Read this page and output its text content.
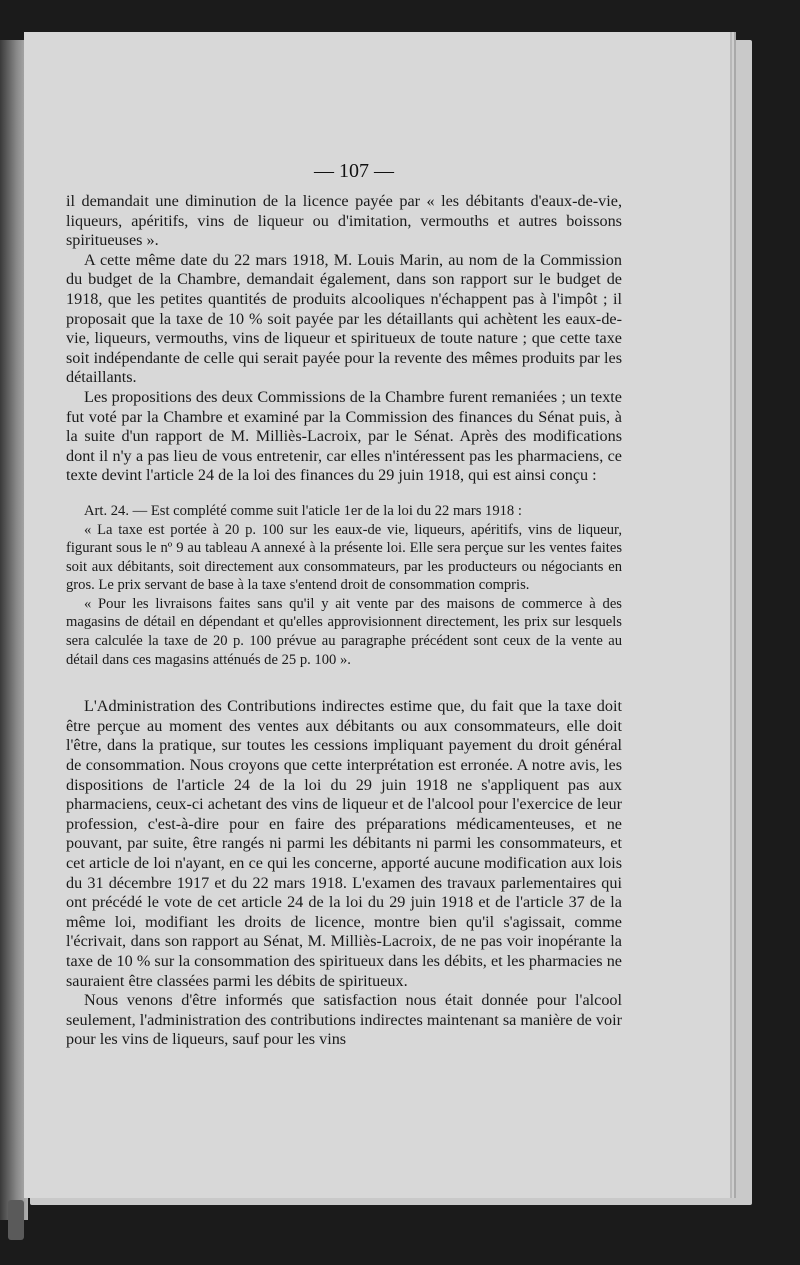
— 107 —

il demandait une diminution de la licence payée par « les débitants d'eaux-de-vie, liqueurs, apéritifs, vins de liqueur ou d'imitation, vermouths et autres boissons spiritueuses ».

A cette même date du 22 mars 1918, M. Louis Marin, au nom de la Commission du budget de la Chambre, demandait également, dans son rapport sur le budget de 1918, que les petites quantités de produits alcooliques n'échappent pas à l'impôt ; il proposait que la taxe de 10 % soit payée par les détaillants qui achètent les eaux-de-vie, liqueurs, vermouths, vins de liqueur et spiritueux de toute nature ; que cette taxe soit indépendante de celle qui serait payée pour la revente des mêmes produits par les détaillants.

Les propositions des deux Commissions de la Chambre furent remaniées ; un texte fut voté par la Chambre et examiné par la Commission des finances du Sénat puis, à la suite d'un rapport de M. Milliès-Lacroix, par le Sénat. Après des modifications dont il n'y a pas lieu de vous entretenir, car elles n'intéressent pas les pharmaciens, ce texte devint l'article 24 de la loi des finances du 29 juin 1918, qui est ainsi conçu :

Art. 24. — Est complété comme suit l'aticle 1er de la loi du 22 mars 1918 :

« La taxe est portée à 20 p. 100 sur les eaux-de vie, liqueurs, apéritifs, vins de liqueur, figurant sous le nº 9 au tableau A annexé à la présente loi. Elle sera perçue sur les ventes faites soit aux débitants, soit directement aux consommateurs, par les producteurs ou négociants en gros. Le prix servant de base à la taxe s'entend droit de consommation compris.

« Pour les livraisons faites sans qu'il y ait vente par des maisons de commerce à des magasins de détail en dépendant et qu'elles approvisionnent directement, les prix sur lesquels sera calculée la taxe de 20 p. 100 prévue au paragraphe précédent sont ceux de la vente au détail dans ces magasins atténués de 25 p. 100 ».

L'Administration des Contributions indirectes estime que, du fait que la taxe doit être perçue au moment des ventes aux débitants ou aux consommateurs, elle doit l'être, dans la pratique, sur toutes les cessions impliquant payement du droit général de consommation. Nous croyons que cette interprétation est erronée. A notre avis, les dispositions de l'article 24 de la loi du 29 juin 1918 ne s'appliquent pas aux pharmaciens, ceux-ci achetant des vins de liqueur et de l'alcool pour l'exercice de leur profession, c'est-à-dire pour en faire des préparations médicamenteuses, et ne pouvant, par suite, être rangés ni parmi les débitants ni parmi les consommateurs, et cet article de loi n'ayant, en ce qui les concerne, apporté aucune modification aux lois du 31 décembre 1917 et du 22 mars 1918. L'examen des travaux parlementaires qui ont précédé le vote de cet article 24 de la loi du 29 juin 1918 et de l'article 37 de la même loi, modifiant les droits de licence, montre bien qu'il s'agissait, comme l'écrivait, dans son rapport au Sénat, M. Milliès-Lacroix, de ne pas voir inopérante la taxe de 10 % sur la consommation des spiritueux dans les débits, et les pharmacies ne sauraient être classées parmi les débits de spiritueux.

Nous venons d'être informés que satisfaction nous était donnée pour l'alcool seulement, l'administration des contributions indirectes maintenant sa manière de voir pour les vins de liqueurs, sauf pour les vins
